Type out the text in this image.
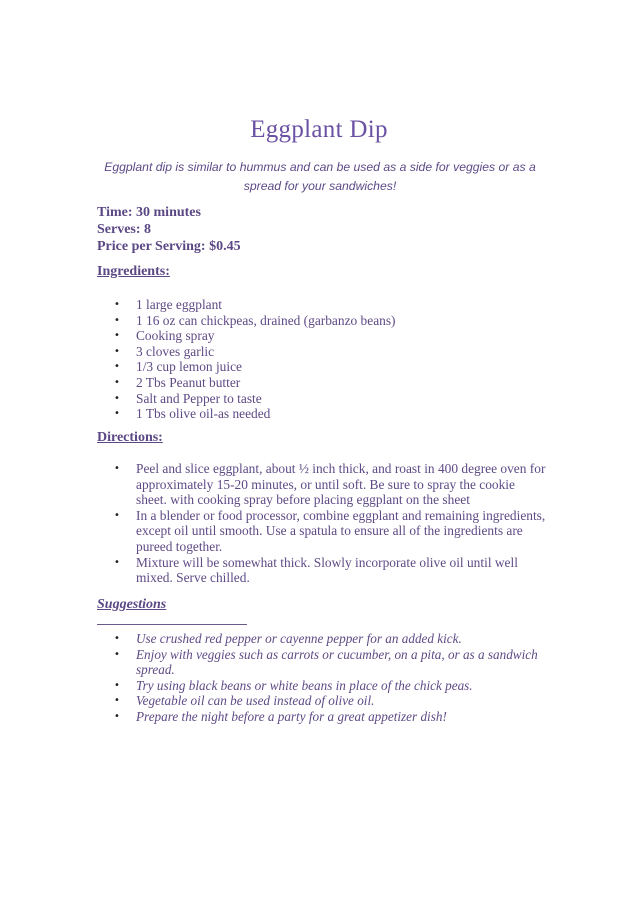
Eggplant Dip
Eggplant dip is similar to hummus and can be used as a side for veggies or as a spread for your sandwiches!
Time: 30 minutes
Serves: 8
Price per Serving: $0.45
Ingredients:
• 1 large eggplant
• 1 16 oz can chickpeas, drained (garbanzo beans)
• Cooking spray
• 3 cloves garlic
• 1/3 cup lemon juice
• 2 Tbs Peanut butter
• Salt and Pepper to taste
• 1 Tbs olive oil-as needed
Directions:
• Peel and slice eggplant, about ½ inch thick, and roast in 400 degree oven for approximately 15-20 minutes, or until soft. Be sure to spray the cookie sheet. with cooking spray before placing eggplant on the sheet
• In a blender or food processor, combine eggplant and remaining ingredients, except oil until smooth. Use a spatula to ensure all of the ingredients are pureed together.
• Mixture will be somewhat thick. Slowly incorporate olive oil until well mixed. Serve chilled.
Suggestions
• Use crushed red pepper or cayenne pepper for an added kick.
• Enjoy with veggies such as carrots or cucumber, on a pita, or as a sandwich spread.
• Try using black beans or white beans in place of the chick peas.
• Vegetable oil can be used instead of olive oil.
• Prepare the night before a party for a great appetizer dish!
